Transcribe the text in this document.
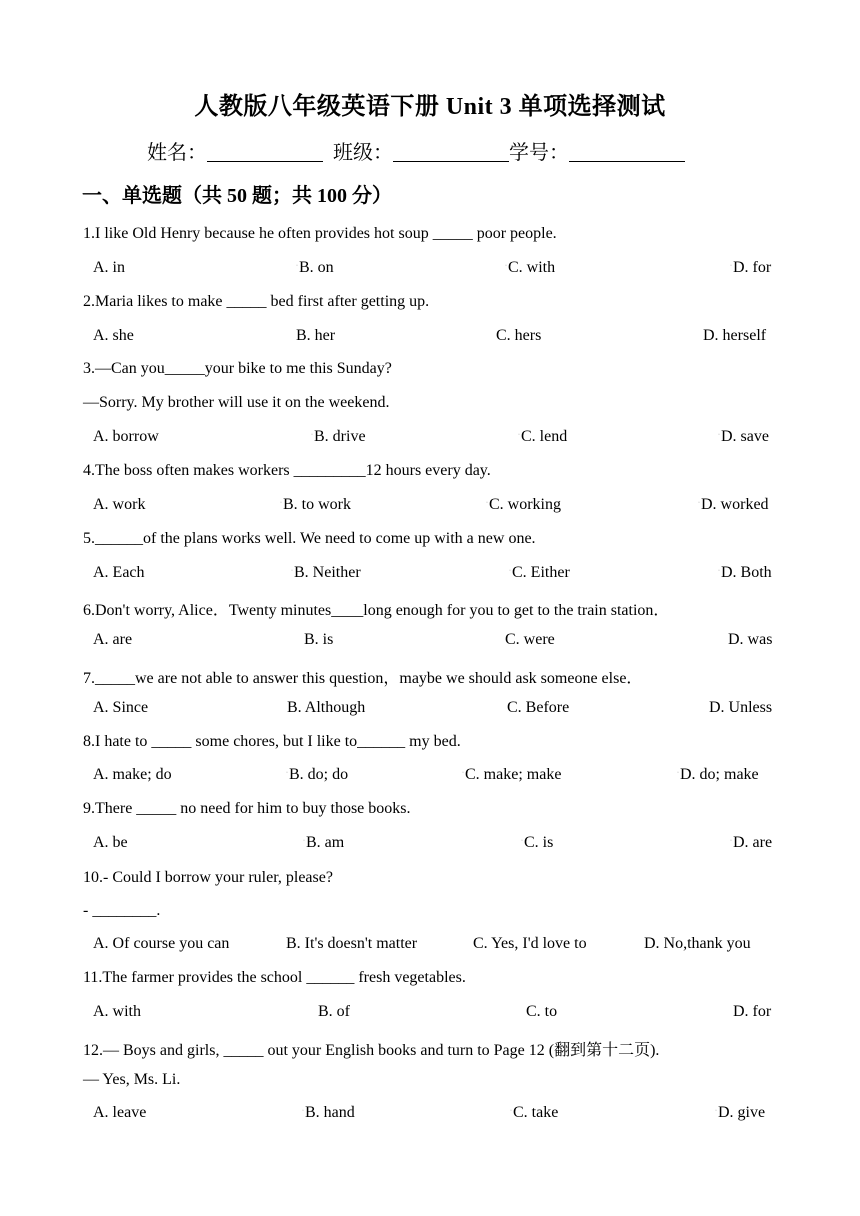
人教版八年级英语下册 Unit 3 单项选择测试
姓名：	班级：	学号：
一、单选题（共 50 题；共 100 分）
1.I like Old Henry because he often provides hot soup _____ poor people.
A. in	·B. on	·C. with	·D. for
2.Maria likes to make _____ bed first after getting up.
A. she	B. her	C. hers	D. herself
3.—Can you_____your bike to me this Sunday?
—Sorry. My brother will use it on the weekend.
A. borrow	·B. drive	·C. lend	·D. save
4.The boss often makes workers _________12 hours every day.
A. work	·B. to work	·C. working	·D. worked
5.______of the plans works well. We need to come up with a new one.
A. Each	·B. Neither	·C. Either	·D. Both
6.Don't worry, Alice．Twenty minutes____long enough for you to get to the train station．
A. are	B. is	C. were	D. was
7._____we are not able to answer this question，maybe we should ask someone else．
A. Since	B. Although	C. Before	D. Unless
8.I hate to _____ some chores, but I like to______ my bed.
A. make; do	·B. do; do	·C. make; make	·D. do; make
9.There _____ no need for him to buy those books.
A. be	·B. am	·C. is	·D. are
10.- Could I borrow your ruler, please?
- ________.
A. Of course you can	B. It's doesn't matter	C. Yes, I'd love to	D. No,thank you
11.The farmer provides the school ______ fresh vegetables.
A. with	B. of	C. to	D. for
12.— Boys and girls, _____ out your English books and turn to Page 12 (翻到第十二页).
— Yes, Ms. Li.
A. leave	·B. hand	·C. take	·D. give
